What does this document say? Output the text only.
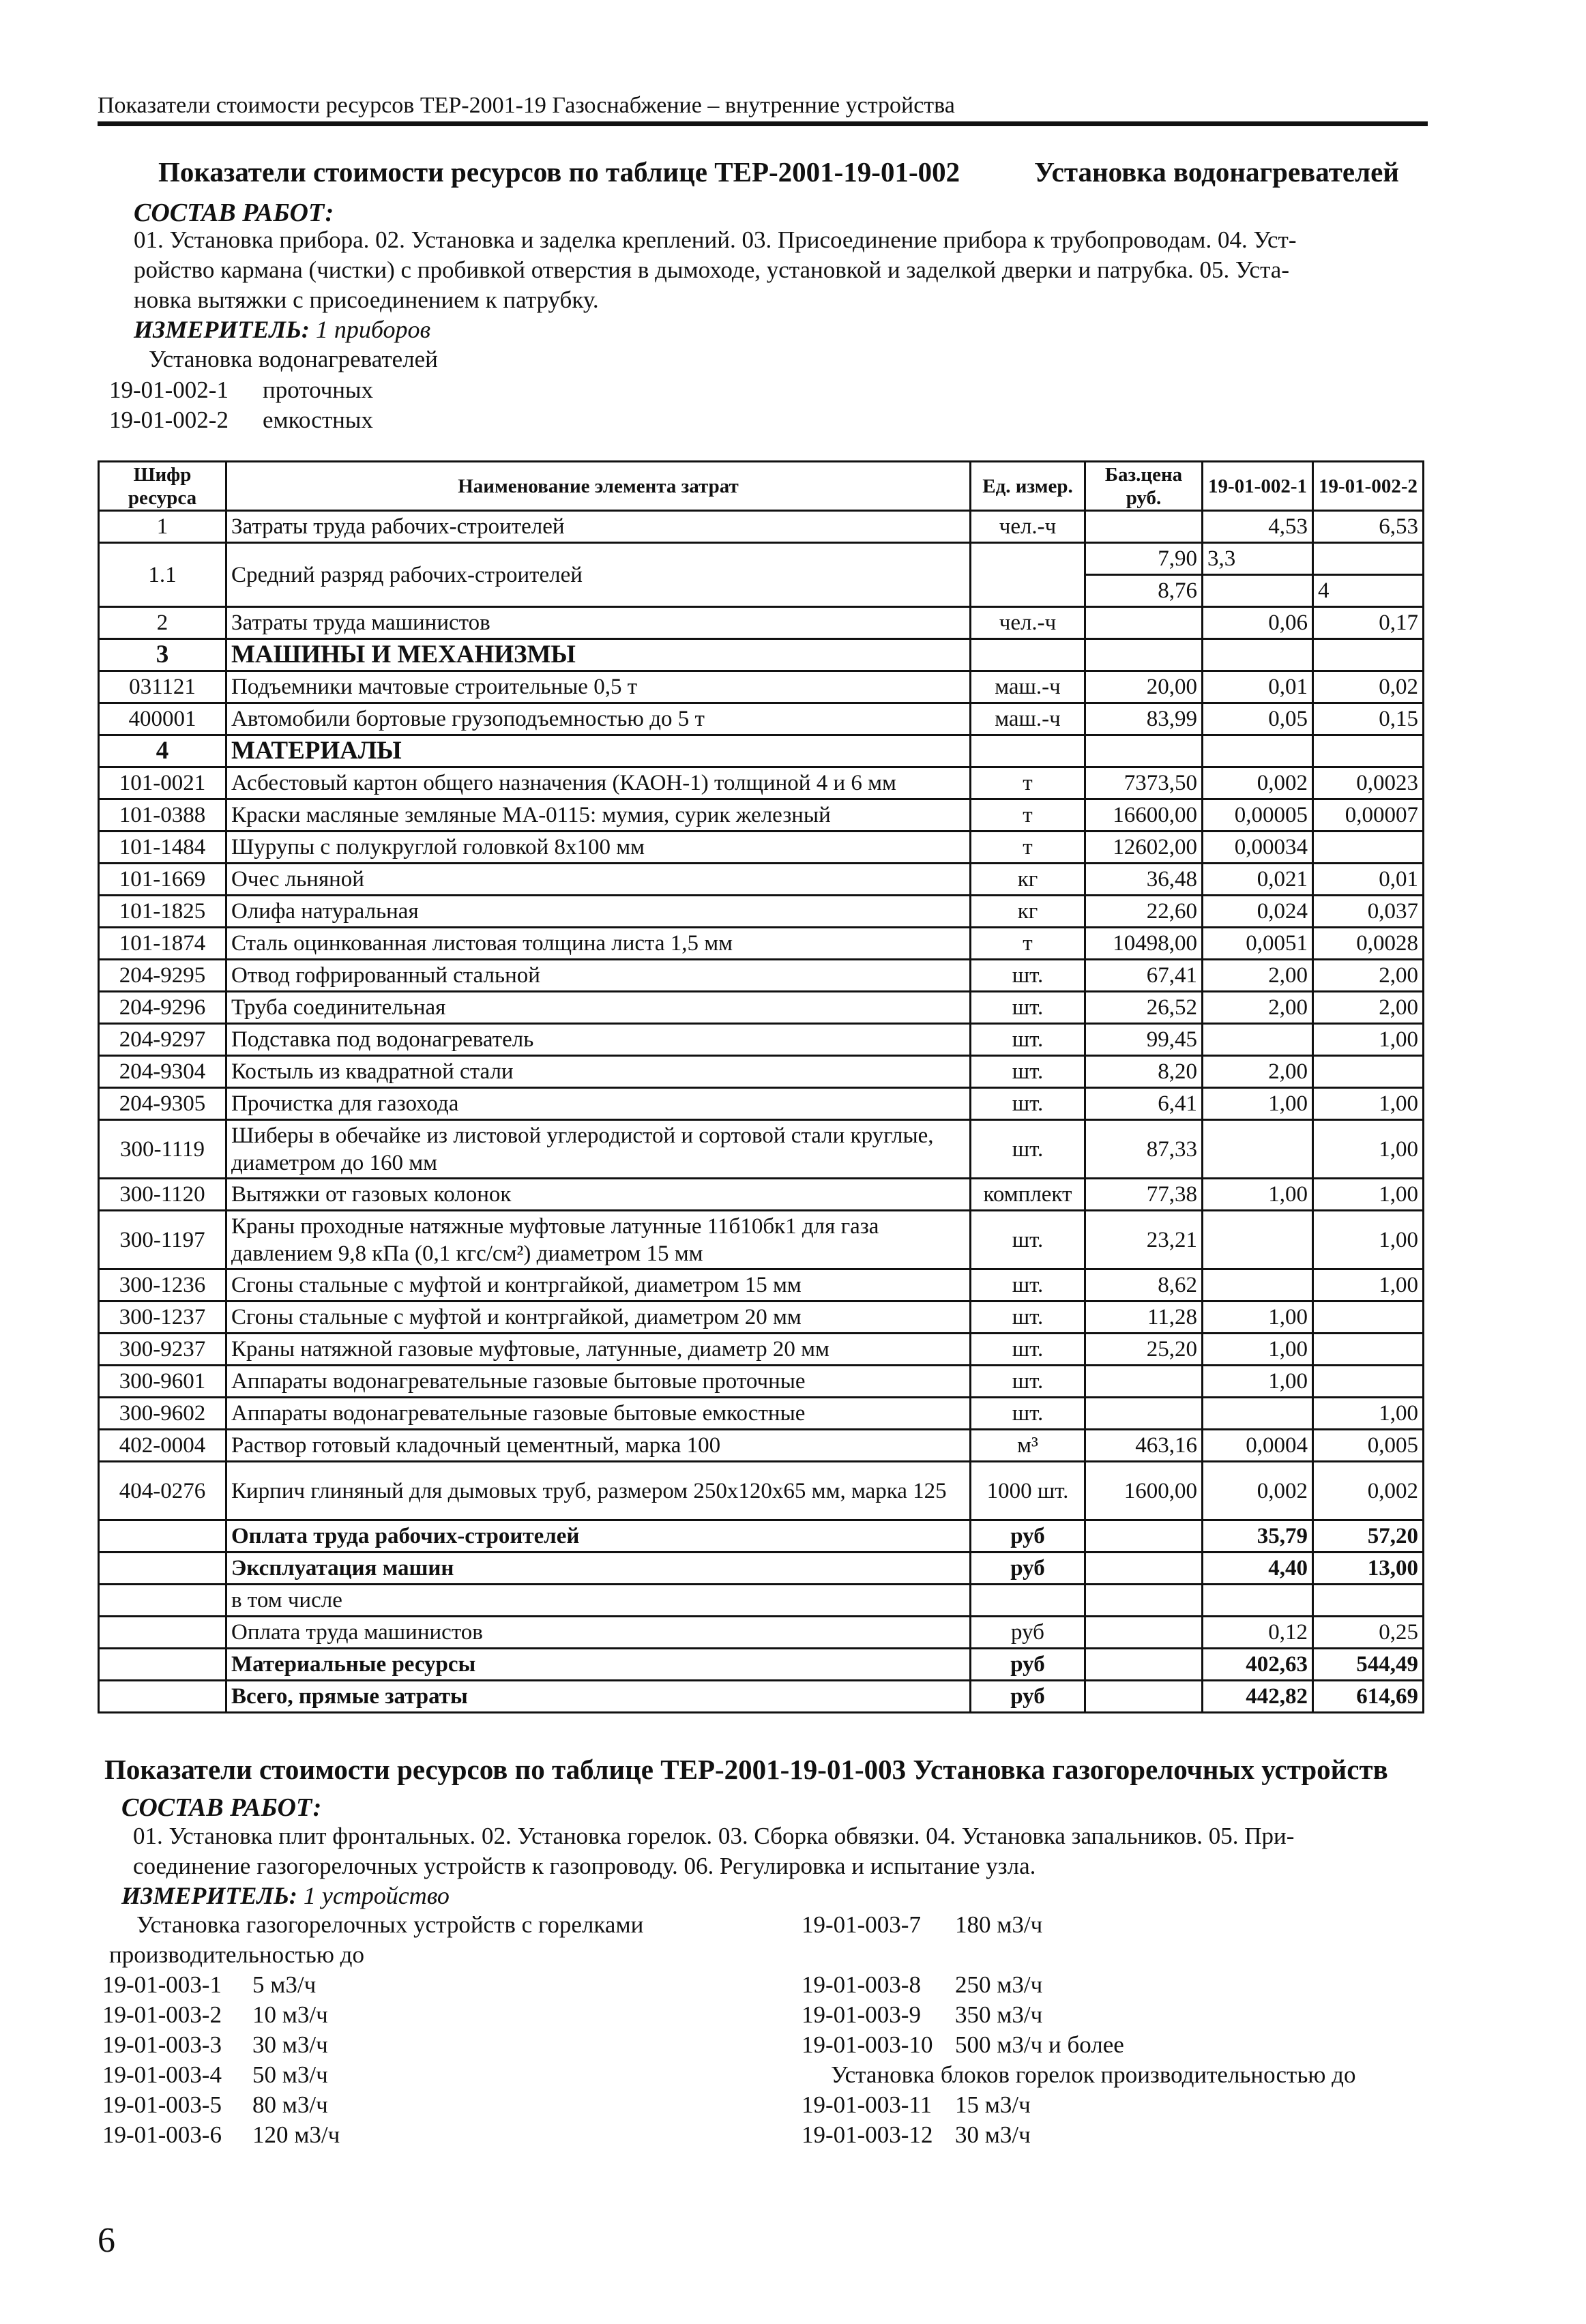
Показатели стоимости ресурсов ТЕР-2001-19 Газоснабжение – внутренние устройства
Показатели стоимости ресурсов по таблице ТЕР-2001-19-01-002	Установка водонагревателей
СОСТАВ РАБОТ:
01. Установка прибора. 02. Установка и заделка креплений. 03. Присоединение прибора к трубопроводам. 04. Уст-
ройство кармана (чистки) с пробивкой отверстия в дымоходе, установкой и заделкой дверки и патрубка. 05. Уста-
новка вытяжки с присоединением к патрубку.
ИЗМЕРИТЕЛЬ: 1 приборов
Установка водонагревателей
19-01-002-1 проточных
19-01-002-2 емкостных
Шифр ресурса	Наименование элемента затрат	Ед. измер.	Баз.цена руб.	19-01-002-1	19-01-002-2
1	Затраты труда рабочих-строителей	чел.-ч		4,53	6,53
1.1	Средний разряд рабочих-строителей		7,90	3,3	
			8,76		4
2	Затраты труда машинистов	чел.-ч		0,06	0,17
3	МАШИНЫ И МЕХАНИЗМЫ				
031121	Подъемники мачтовые строительные 0,5 т	маш.-ч	20,00	0,01	0,02
400001	Автомобили бортовые грузоподъемностью до 5 т	маш.-ч	83,99	0,05	0,15
4	МАТЕРИАЛЫ				
101-0021	Асбестовый картон общего назначения (КАОН-1) толщиной 4 и 6 мм	т	7373,50	0,002	0,0023
101-0388	Краски масляные земляные МА-0115: мумия, сурик железный	т	16600,00	0,00005	0,00007
101-1484	Шурупы с полукруглой головкой 8х100 мм	т	12602,00	0,00034	
101-1669	Очес льняной	кг	36,48	0,021	0,01
101-1825	Олифа натуральная	кг	22,60	0,024	0,037
101-1874	Сталь оцинкованная листовая толщина листа 1,5 мм	т	10498,00	0,0051	0,0028
204-9295	Отвод гофрированный стальной	шт.	67,41	2,00	2,00
204-9296	Труба соединительная	шт.	26,52	2,00	2,00
204-9297	Подставка под водонагреватель	шт.	99,45		1,00
204-9304	Костыль из квадратной стали	шт.	8,20	2,00	
204-9305	Прочистка для газохода	шт.	6,41	1,00	1,00
300-1119	Шиберы в обечайке из листовой углеродистой и сортовой стали круглые, диаметром до 160 мм	шт.	87,33		1,00
300-1120	Вытяжки от газовых колонок	комплект	77,38	1,00	1,00
300-1197	Краны проходные натяжные муфтовые латунные 11б10бк1 для газа давлением 9,8 кПа (0,1 кгс/см²) диаметром 15 мм	шт.	23,21		1,00
300-1236	Сгоны стальные с муфтой и контргайкой, диаметром 15 мм	шт.	8,62		1,00
300-1237	Сгоны стальные с муфтой и контргайкой, диаметром 20 мм	шт.	11,28	1,00	
300-9237	Краны натяжной газовые муфтовые, латунные, диаметр 20 мм	шт.	25,20	1,00	
300-9601	Аппараты водонагревательные газовые бытовые проточные	шт.		1,00	
300-9602	Аппараты водонагревательные газовые бытовые емкостные	шт.			1,00
402-0004	Раствор готовый кладочный цементный, марка 100	м³	463,16	0,0004	0,005
404-0276	Кирпич глиняный для дымовых труб, размером 250х120х65 мм, марка 125	1000 шт.	1600,00	0,002	0,002
	Оплата труда рабочих-строителей	руб		35,79	57,20
	Эксплуатация машин	руб		4,40	13,00
	в том числе				
	Оплата труда машинистов	руб		0,12	0,25
	Материальные ресурсы	руб		402,63	544,49
	Всего, прямые затраты	руб		442,82	614,69
Показатели стоимости ресурсов по таблице ТЕР-2001-19-01-003 Установка газогорелочных устройств
СОСТАВ РАБОТ:
01. Установка плит фронтальных. 02. Установка горелок. 03. Сборка обвязки. 04. Установка запальников. 05. При-
соединение газогорелочных устройств к газопроводу. 06. Регулировка и испытание узла.
ИЗМЕРИТЕЛЬ: 1 устройство
Установка газогорелочных устройств с горелками
производительностью до
19-01-003-1 5 м3/ч
19-01-003-2 10 м3/ч
19-01-003-3 30 м3/ч
19-01-003-4 50 м3/ч
19-01-003-5 80 м3/ч
19-01-003-6 120 м3/ч
19-01-003-7 180 м3/ч
19-01-003-8 250 м3/ч
19-01-003-9 350 м3/ч
19-01-003-10 500 м3/ч и более
Установка блоков горелок производительностью до
19-01-003-11 15 м3/ч
19-01-003-12 30 м3/ч
6
